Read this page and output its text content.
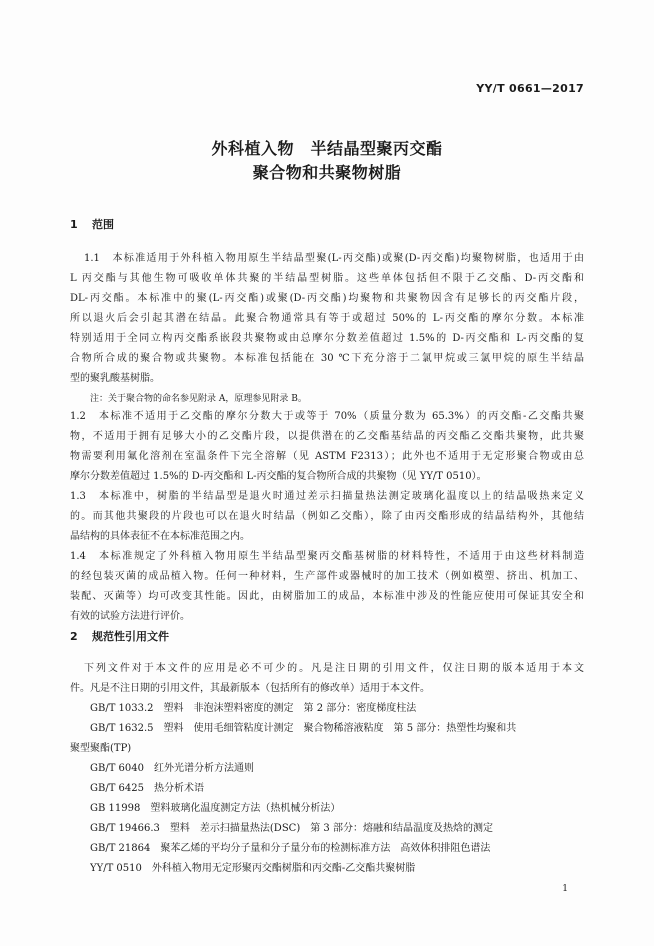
YY/T 0661—2017
外科植入物　半结晶型聚丙交酯
聚合物和共聚物树脂
1 范围
1.1　本标准适用于外科植入物用原生半结晶型聚(L-丙交酯)或聚(D-丙交酯)均聚物树脂，也适用于由
L 丙交酯与其他生物可吸收单体共聚的半结晶型树脂。这些单体包括但不限于乙交酯、D-丙交酯和
DL-丙交酯。本标准中的聚(L-丙交酯)或聚(D-丙交酯)均聚物和共聚物因含有足够长的丙交酯片段，
所以退火后会引起其潜在结晶。此聚合物通常具有等于或超过 50%的 L-丙交酯的摩尔分数。本标准
特别适用于全同立构丙交酯系嵌段共聚物或由总摩尔分数差值超过 1.5%的 D-丙交酯和 L-丙交酯的复
合物所合成的聚合物或共聚物。本标准包括能在 30 ℃下充分溶于二氯甲烷或三氯甲烷的原生半结晶
型的聚乳酸基树脂。
注：关于聚合物的命名参见附录 A，原理参见附录 B。
1.2　本标准不适用于乙交酯的摩尔分数大于或等于 70%（质量分数为 65.3%）的丙交酯-乙交酯共聚
物，不适用于拥有足够大小的乙交酯片段，以提供潜在的乙交酯基结晶的丙交酯乙交酯共聚物，此共聚
物需要利用氟化溶剂在室温条件下完全溶解（见 ASTM F2313）；此外也不适用于无定形聚合物或由总
摩尔分数差值超过 1.5%的 D-丙交酯和 L-丙交酯的复合物所合成的共聚物（见 YY/T 0510）。
1.3　本标准中，树脂的半结晶型是退火时通过差示扫描量热法测定玻璃化温度以上的结晶吸热来定义
的。而其他共聚段的片段也可以在退火时结晶（例如乙交酯），除了由丙交酯形成的结晶结构外，其他结
晶结构的具体表征不在本标准范围之内。
1.4　本标准规定了外科植入物用原生半结晶型聚丙交酯基树脂的材料特性，不适用于由这些材料制造
的经包装灭菌的成品植入物。任何一种材料，生产部件或器械时的加工技术（例如模塑、挤出、机加工、
装配、灭菌等）均可改变其性能。因此，由树脂加工的成品，本标准中涉及的性能应使用可保证其安全和
有效的试验方法进行评价。
2 规范性引用文件
下列文件对于本文件的应用是必不可少的。凡是注日期的引用文件，仅注日期的版本适用于本文
件。凡是不注日期的引用文件，其最新版本（包括所有的修改单）适用于本文件。
GB/T 1033.2　塑料　非泡沫塑料密度的测定　第 2 部分：密度梯度柱法
GB/T 1632.5　塑料　使用毛细管粘度计测定　聚合物稀溶液粘度　第 5 部分：热塑性均聚和共
聚型聚酯(TP)
GB/T 6040　红外光谱分析方法通则
GB/T 6425　热分析术语
GB 11998　塑料玻璃化温度测定方法（热机械分析法）
GB/T 19466.3　塑料　差示扫描量热法(DSC)　第 3 部分：熔融和结晶温度及热焓的测定
GB/T 21864　聚苯乙烯的平均分子量和分子量分布的检测标准方法　高效体积排阻色谱法
YY/T 0510　外科植入物用无定形聚丙交酯树脂和丙交酯-乙交酯共聚树脂
1
